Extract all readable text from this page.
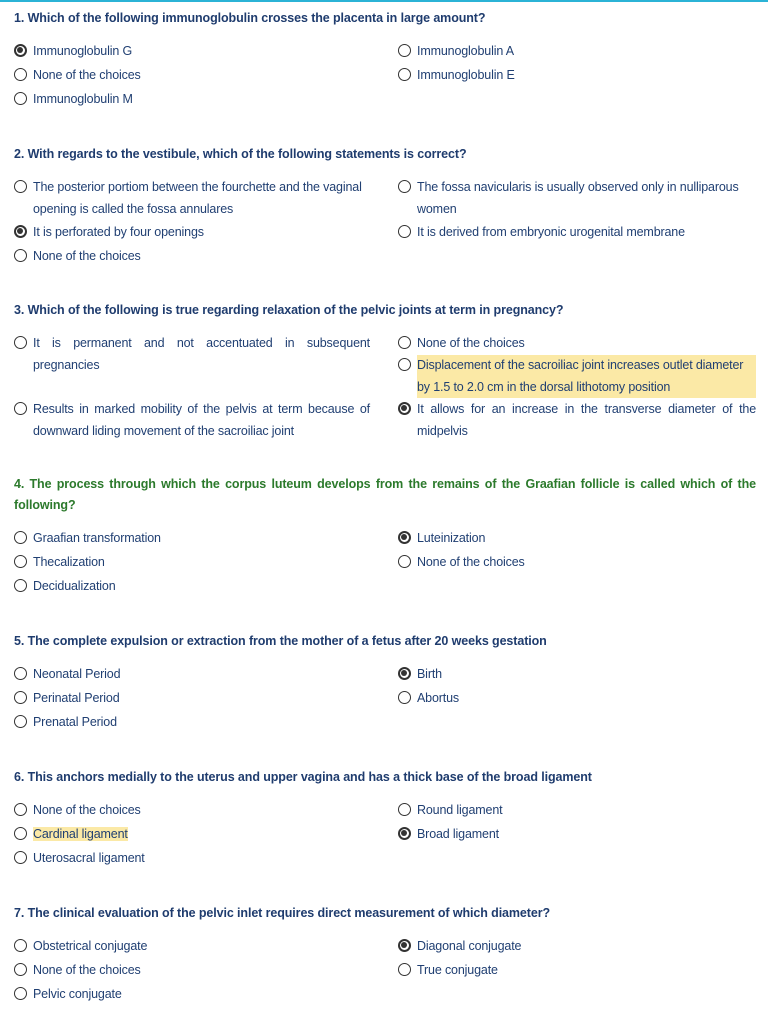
1. Which of the following immunoglobulin crosses the placenta in large amount?
Immunoglobulin G	Immunoglobulin A
None of the choices	Immunoglobulin E
Immunoglobulin M
2. With regards to the vestibule, which of the following statements is correct?
The posterior portiom between the fourchette and the vaginal opening is called the fossa annulares
The fossa navicularis is usually observed only in nulliparous women
It is perforated by four openings	It is derived from embryonic urogenital membrane
None of the choices
3. Which of the following is true regarding relaxation of the pelvic joints at term in pregnancy?
It is permanent and not accentuated in subsequent pregnancies
None of the choices
Displacement of the sacroiliac joint increases outlet diameter by 1.5 to 2.0 cm in the dorsal lithotomy position
Results in marked mobility of the pelvis at term because of downward liding movement of the sacroiliac joint
It allows for an increase in the transverse diameter of the midpelvis
4. The process through which the corpus luteum develops from the remains of the Graafian follicle is called which of the following?
Graafian transformation	Luteinization
Thecalization	None of the choices
Decidualization
5. The complete expulsion or extraction from the mother of a fetus after 20 weeks gestation
Neonatal Period	Birth
Perinatal Period	Abortus
Prenatal Period
6. This anchors medially to the uterus and upper vagina and has a thick base of the broad ligament
None of the choices	Round ligament
Cardinal ligament	Broad ligament
Uterosacral ligament
7. The clinical evaluation of the pelvic inlet requires direct measurement of which diameter?
Obstetrical conjugate	Diagonal conjugate
None of the choices	True conjugate
Pelvic conjugate
